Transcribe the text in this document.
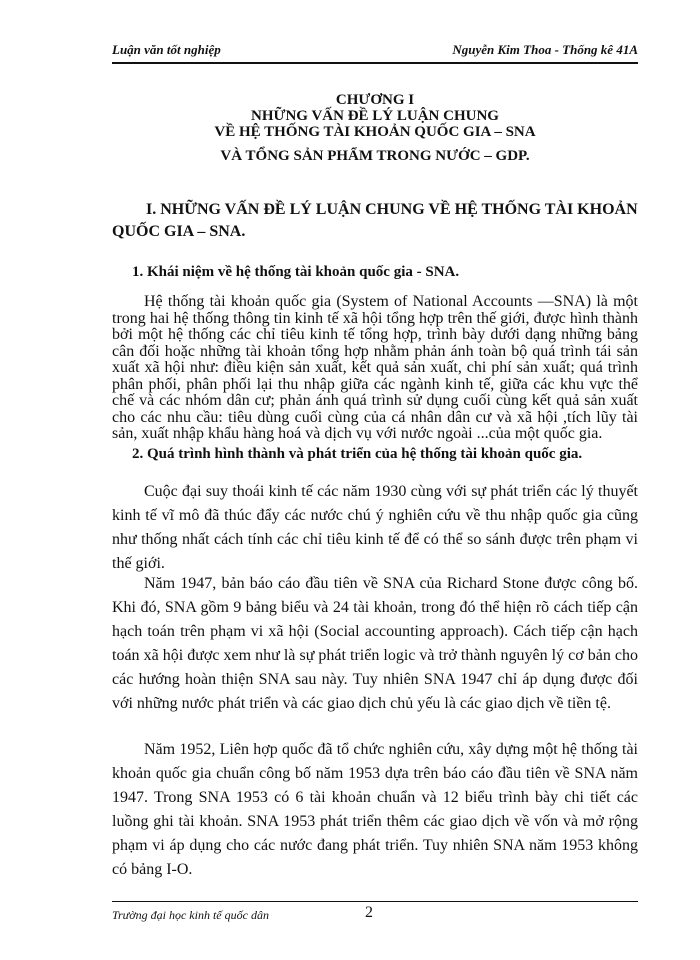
Luận văn tốt nghiệp	Nguyễn Kim Thoa - Thống kê 41A
CHƯƠNG I
NHỮNG VẤN ĐỀ LÝ LUẬN CHUNG
VỀ HỆ THỐNG TÀI KHOẢN QUỐC GIA – SNA
VÀ TỔNG SẢN PHẨM TRONG NƯỚC – GDP.
I. NHỮNG VẤN ĐỀ LÝ LUẬN CHUNG VỀ HỆ THỐNG TÀI KHOẢN
QUỐC GIA – SNA.
1. Khái niệm về hệ thống tài khoản quốc gia - SNA.

Hệ thống tài khoản quốc gia (System of National Accounts —SNA) là một trong hai hệ thống thông tin kinh tế xã hội tổng hợp trên thế giới, được hình thành bởi một hệ thống các chỉ tiêu kinh tế tổng hợp, trình bày dưới dạng những bảng cân đối hoặc những tài khoản tổng hợp nhằm phản ánh toàn bộ quá trình tái sản xuất xã hội như: điều kiện sản xuất, kết quả sản xuất, chi phí sản xuất; quá trình phân phối, phân phối lại thu nhập giữa các ngành kinh tế, giữa các khu vực thể chế và các nhóm dân cư; phản ánh quá trình sử dụng cuối cùng kết quả sản xuất cho các nhu cầu: tiêu dùng cuối cùng của cá nhân dân cư và xã hội ,tích lũy tài sản, xuất nhập khẩu hàng hoá và dịch vụ với nước ngoài ...của một quốc gia.

2. Quá trình hình thành và phát triển của hệ thống tài khoản quốc gia.

Cuộc đại suy thoái kinh tế các năm 1930 cùng với sự phát triển các lý thuyết kinh tế vĩ mô đã thúc đẩy các nước chú ý nghiên cứu về thu nhập quốc gia cũng như thống nhất cách tính các chỉ tiêu kinh tế để có thể so sánh được trên phạm vi thế giới.

Năm 1947, bản báo cáo đầu tiên về SNA của Richard Stone được công bố. Khi đó, SNA gồm 9 bảng biểu và 24 tài khoản, trong đó thể hiện rõ cách tiếp cận hạch toán trên phạm vi xã hội (Social accounting approach). Cách tiếp cận hạch toán xã hội được xem như là sự phát triển logic và trở thành nguyên lý cơ bản cho các hướng hoàn thiện SNA sau này. Tuy nhiên SNA 1947 chỉ áp dụng được đối với những nước phát triển và các giao dịch chủ yếu là các giao dịch về tiền tệ.

Năm 1952, Liên hợp quốc đã tổ chức nghiên cứu, xây dựng một hệ thống tài khoản quốc gia chuẩn công bố năm 1953 dựa trên báo cáo đầu tiên về SNA năm 1947. Trong SNA 1953 có 6 tài khoản chuẩn và 12 biểu trình bày chi tiết các luồng ghi tài khoản. SNA 1953 phát triển thêm các giao dịch về vốn và mở rộng phạm vi áp dụng cho các nước đang phát triển. Tuy nhiên SNA năm 1953 không có bảng I-O.

Trường đại học kinh tế quốc dân	2
